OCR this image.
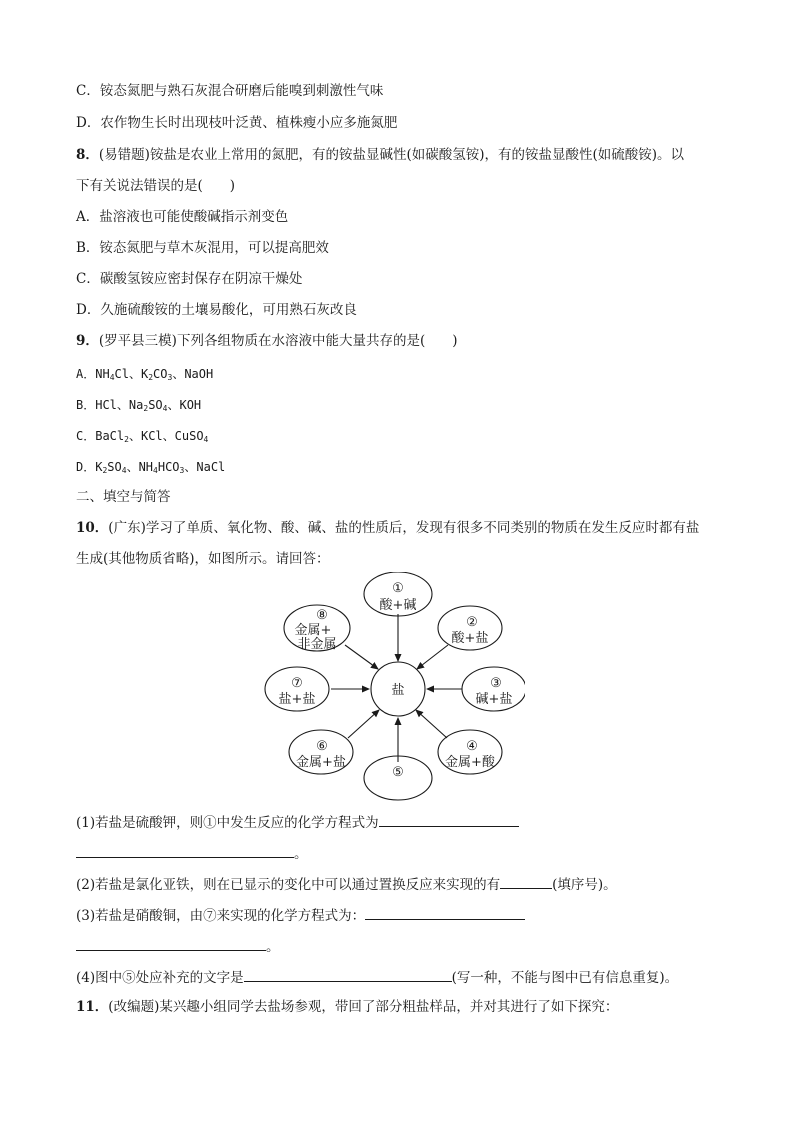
C．铵态氮肥与熟石灰混合研磨后能嗅到刺激性气味
D．农作物生长时出现枝叶泛黄、植株瘦小应多施氮肥
8．(易错题)铵盐是农业上常用的氮肥，有的铵盐显碱性(如碳酸氢铵)，有的铵盐显酸性(如硫酸铵)。以
下有关说法错误的是(　　)
A．盐溶液也可能使酸碱指示剂变色
B．铵态氮肥与草木灰混用，可以提高肥效
C．碳酸氢铵应密封保存在阴凉干燥处
D．久施硫酸铵的土壤易酸化，可用熟石灰改良
9．(罗平县三模)下列各组物质在水溶液中能大量共存的是(　　)
A．$NH_4Cl$、$K_2CO_3$、NaOH
B．HCl、$Na_2SO_4$、KOH
C．BaCl$_2$、KCl、CuSO$_4$
D．$K_2SO_4$、$NH_4HCO_3$、NaCl
二、填空与简答
10．(广东)学习了单质、氧化物、酸、碱、盐的性质后，发现有很多不同类别的物质在发生反应时都有盐
生成(其他物质省略)，如图所示。请回答：
盐
①
酸+碱
②
酸+盐
③
碱+盐
④
金属+酸
⑤
⑥
金属+盐
⑦
盐+盐
⑧
金属+
非金属
(1)若盐是硫酸钾，则①中发生反应的化学方程式为
。
(2)若盐是氯化亚铁，则在已显示的变化中可以通过置换反应来实现的有	(填序号)。
(3)若盐是硝酸铜，由⑦来实现的化学方程式为：
。
(4)图中⑤处应补充的文字是	(写一种，不能与图中已有信息重复)。
11．(改编题)某兴趣小组同学去盐场参观，带回了部分粗盐样品，并对其进行了如下探究：
